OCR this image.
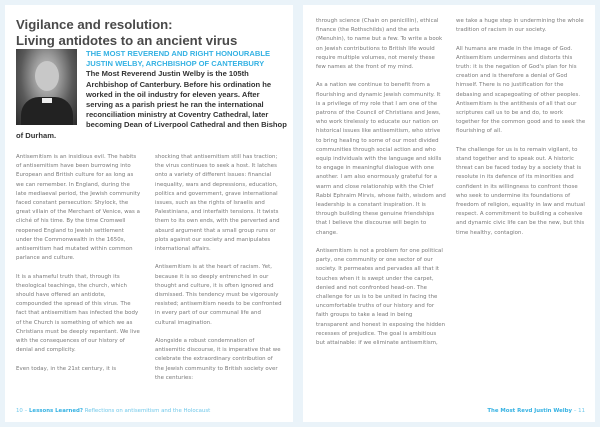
Vigilance and resolution:
Living antidotes to an ancient virus
THE MOST REVEREND AND RIGHT HONOURABLE JUSTIN WELBY, ARCHBISHOP OF CANTERBURY
The Most Reverend Justin Welby is the 105th Archbishop of Canterbury. Before his ordination he worked in the oil industry for eleven years. After serving as a parish priest he ran the international reconciliation ministry at Coventry Cathedral, later becoming Dean of Liverpool Cathedral and then Bishop of Durham.

Antisemitism is an insidious evil. The habits of antisemitism have been burrowing into European and British culture for as long as we can remember. In England, during the late mediaeval period, the Jewish community faced constant persecution: Shylock, the great villain of the Merchant of Venice, was a cliché of his time. By the time Cromwell reopened England to Jewish settlement under the Commonwealth in the 1650s, antisemitism had mutated within common parlance and culture.

It is a shameful truth that, through its theological teachings, the church, which should have offered an antidote, compounded the spread of this virus. The fact that antisemitism has infected the body of the Church is something of which we as Christians must be deeply repentant. We live with the consequences of our history of denial and complicity.

Even today, in the 21st century, it is

shocking that antisemitism still has traction; the virus continues to seek a host. It latches onto a variety of different issues: financial inequality, wars and depressions, education, politics and government, grave international issues, such as the rights of Israelis and Palestinians, and interfaith tensions. It twists them to its own ends, with the perverted and absurd argument that a small group runs or plots against our society and manipulates international affairs.

Antisemitism is at the heart of racism. Yet, because it is so deeply entrenched in our thought and culture, it is often ignored and dismissed. This tendency must be vigorously resisted; antisemitism needs to be confronted in every part of our communal life and cultural imagination.

Alongside a robust condemnation of antisemitic discourse, it is imperative that we celebrate the extraordinary contribution of the Jewish community to British society over the centuries:

10 – Lessons Learned? Reflections on antisemitism and the Holocaust

through science (Chain on penicillin), ethical finance (the Rothschilds) and the arts (Menuhin), to name but a few. To write a book on Jewish contributions to British life would require multiple volumes, not merely these few names at the front of my mind.

As a nation we continue to benefit from a flourishing and dynamic Jewish community. It is a privilege of my role that I am one of the patrons of the Council of Christians and Jews, who work tirelessly to educate our nation on historical issues like antisemitism, who strive to bring healing to some of our most divided communities through social action and who equip individuals with the language and skills to engage in meaningful dialogue with one another. I am also enormously grateful for a warm and close relationship with the Chief Rabbi Ephraim Mirvis, whose faith, wisdom and leadership is a constant inspiration. It is through building these genuine friendships that I believe the discourse will begin to change.

Antisemitism is not a problem for one political party, one community or one sector of our society. It permeates and pervades all that it touches when it is swept under the carpet, denied and not confronted head-on. The challenge for us is to be united in facing the uncomfortable truths of our history and for faith groups to take a lead in being transparent and honest in exposing the hidden recesses of prejudice. The goal is ambitious but attainable: if we eliminate antisemitism,

we take a huge step in undermining the whole tradition of racism in our society.

All humans are made in the image of God. Antisemitism undermines and distorts this truth: it is the negation of God's plan for his creation and is therefore a denial of God himself. There is no justification for the debasing and scapegoating of other peoples. Antisemitism is the antithesis of all that our scriptures call us to be and do, to work together for the common good and to seek the flourishing of all.

The challenge for us is to remain vigilant, to stand together and to speak out. A historic threat can be faced today by a society that is resolute in its defence of its minorities and confident in its willingness to confront those who seek to undermine its foundations of freedom of religion, equality in law and mutual respect. A commitment to building a cohesive and dynamic civic life can be the new, but this time healthy, contagion.

The Most Revd Justin Welby – 11
